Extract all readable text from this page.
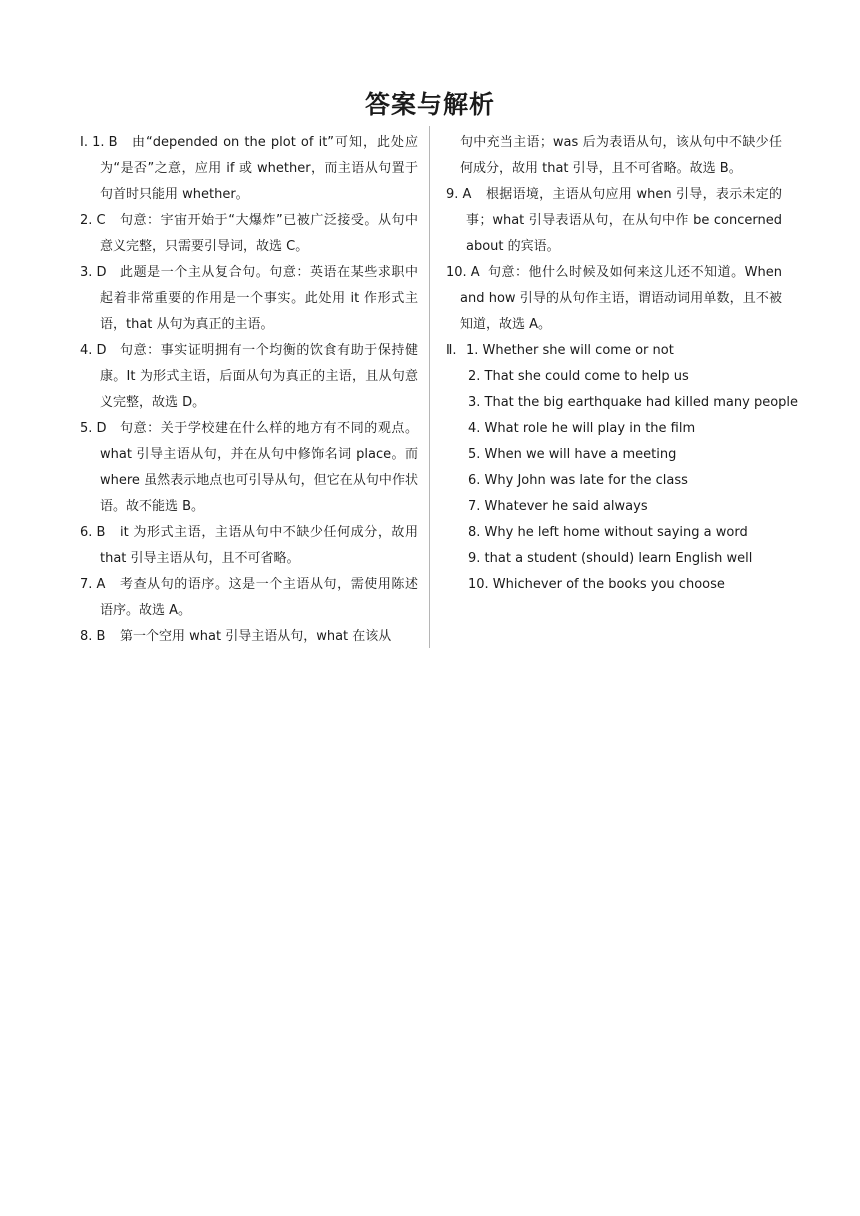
答案与解析
Ⅰ. 1. B	由“depended on the plot of it”可知，此处应为“是否”之意，应用 if 或 whether，而主语从句置于句首时只能用 whether。
2. C	句意：宇宙开始于“大爆炸”已被广泛接受。从句中意义完整，只需要引导词，故选 C。
3. D	此题是一个主从复合句。句意：英语在某些求职中起着非常重要的作用是一个事实。此处用 it 作形式主语，that 从句为真正的主语。
4. D	句意：事实证明拥有一个均衡的饮食有助于保持健康。It 为形式主语，后面从句为真正的主语，且从句意义完整，故选 D。
5. D	句意：关于学校建在什么样的地方有不同的观点。what 引导主语从句，并在从句中修饰名词 place。而 where 虽然表示地点也可引导从句，但它在从句中作状语。故不能选 B。
6. B	it 为形式主语，主语从句中不缺少任何成分，故用 that 引导主语从句，且不可省略。
7. A	考查从句的语序。这是一个主语从句，需使用陈述语序。故选 A。
8. B	第一个空用 what 引导主语从句，what 在该从
句中充当主语；was 后为表语从句，该从句中不缺少任何成分，故用 that 引导，且不可省略。故选 B。
9. A	根据语境，主语从句应用 when 引导，表示未定的事；what 引导表语从句，在从句中作 be concerned about 的宾语。
10. A 句意：他什么时候及如何来这儿还不知道。When and how 引导的从句作主语，谓语动词用单数，且不被知道，故选 A。
Ⅱ. 1. Whether she will come or not
2. That she could come to help us
3. That the big earthquake had killed many people
4. What role he will play in the film
5. When we will have a meeting
6. Why John was late for the class
7. Whatever he said always
8. Why he left home without saying a word
9. that a student (should) learn English well
10. Whichever of the books you choose
